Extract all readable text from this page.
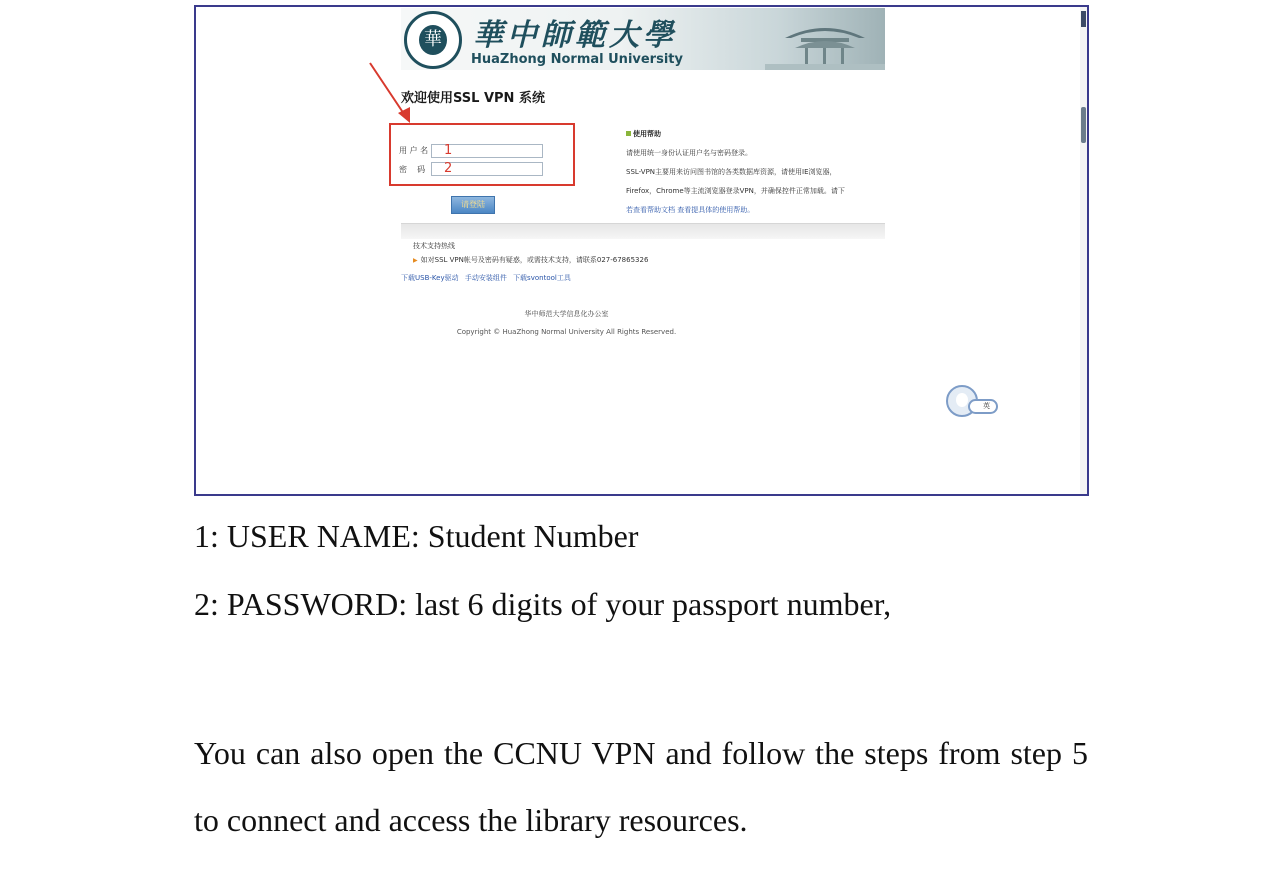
華 華中師範大學
HuaZhong Normal University
欢迎使用SSL VPN 系统
用 户 名	1
密    码	2
请登陆
使用帮助
请使用统一身份认证用户名与密码登录。
SSL-VPN主要用来访问图书馆的各类数据库资源，请使用IE浏览器，
Firefox，Chrome等主流浏览器登录VPN，并确保控件正常加载。请下
若查看帮助文档 查看提具体的使用帮助。
技术支持热线
▶ 如对SSL VPN帐号及密码有疑惑，或需技术支持，请联系027-67865326
下载USB-Key驱动 手动安装组件 下载svontool工具
华中师范大学信息化办公室
Copyright © HuaZhong Normal University All Rights Reserved.
英
1: USER NAME: Student Number
2: PASSWORD: last 6 digits of your passport number,
You can also open the CCNU VPN and follow the steps from step 5 to connect and access the library resources.
